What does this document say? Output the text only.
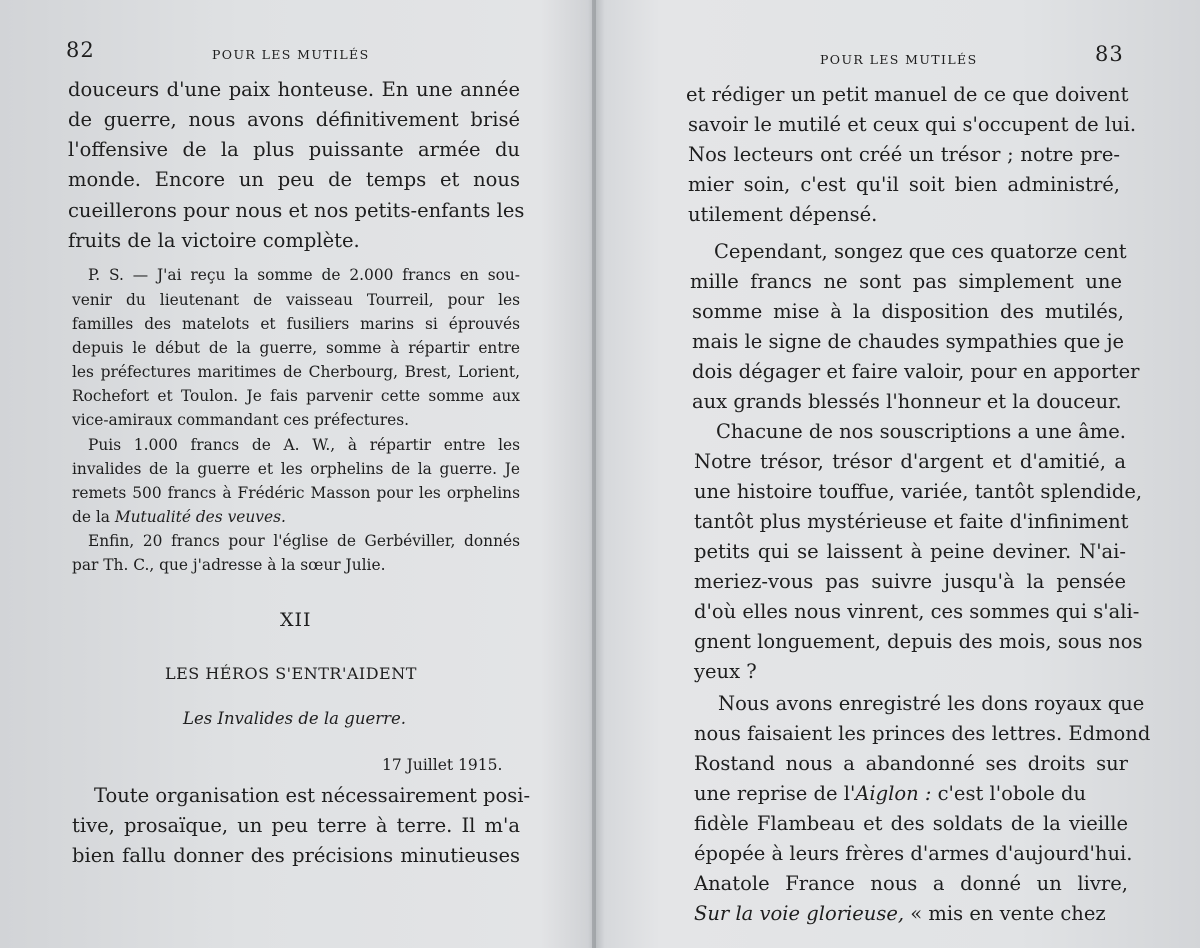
82	POUR LES MUTILÉS
douceurs d'une paix honteuse. En une année
de guerre, nous avons définitivement brisé
l'offensive de la plus puissante armée du
monde. Encore un peu de temps et nous
cueillerons pour nous et nos petits-enfants les
fruits de la victoire complète.
P. S. — J'ai reçu la somme de 2.000 francs en sou-
venir du lieutenant de vaisseau Tourreil, pour les
familles des matelots et fusiliers marins si éprouvés
depuis le début de la guerre, somme à répartir entre
les préfectures maritimes de Cherbourg, Brest, Lorient,
Rochefort et Toulon. Je fais parvenir cette somme aux
vice-amiraux commandant ces préfectures.
Puis 1.000 francs de A. W., à répartir entre les
invalides de la guerre et les orphelins de la guerre. Je
remets 500 francs à Frédéric Masson pour les orphelins
de la Mutualité des veuves.
Enfin, 20 francs pour l'église de Gerbéviller, donnés
par Th. C., que j'adresse à la sœur Julie.
XII
LES HÉROS S'ENTR'AIDENT
Les Invalides de la guerre.
17 Juillet 1915.
Toute organisation est nécessairement posi-
tive, prosaïque, un peu terre à terre. Il m'a
bien fallu donner des précisions minutieuses
POUR LES MUTILÉS	83
et rédiger un petit manuel de ce que doivent
savoir le mutilé et ceux qui s'occupent de lui.
Nos lecteurs ont créé un trésor ; notre pre-
mier soin, c'est qu'il soit bien administré,
utilement dépensé.
Cependant, songez que ces quatorze cent
mille francs ne sont pas simplement une
somme mise à la disposition des mutilés,
mais le signe de chaudes sympathies que je
dois dégager et faire valoir, pour en apporter
aux grands blessés l'honneur et la douceur.
Chacune de nos souscriptions a une âme.
Notre trésor, trésor d'argent et d'amitié, a
une histoire touffue, variée, tantôt splendide,
tantôt plus mystérieuse et faite d'infiniment
petits qui se laissent à peine deviner. N'ai-
meriez-vous pas suivre jusqu'à la pensée
d'où elles nous vinrent, ces sommes qui s'ali-
gnent longuement, depuis des mois, sous nos
yeux ?
Nous avons enregistré les dons royaux que
nous faisaient les princes des lettres. Edmond
Rostand nous a abandonné ses droits sur
une reprise de l'Aiglon : c'est l'obole du
fidèle Flambeau et des soldats de la vieille
épopée à leurs frères d'armes d'aujourd'hui.
Anatole France nous a donné un livre,
Sur la voie glorieuse, « mis en vente chez
